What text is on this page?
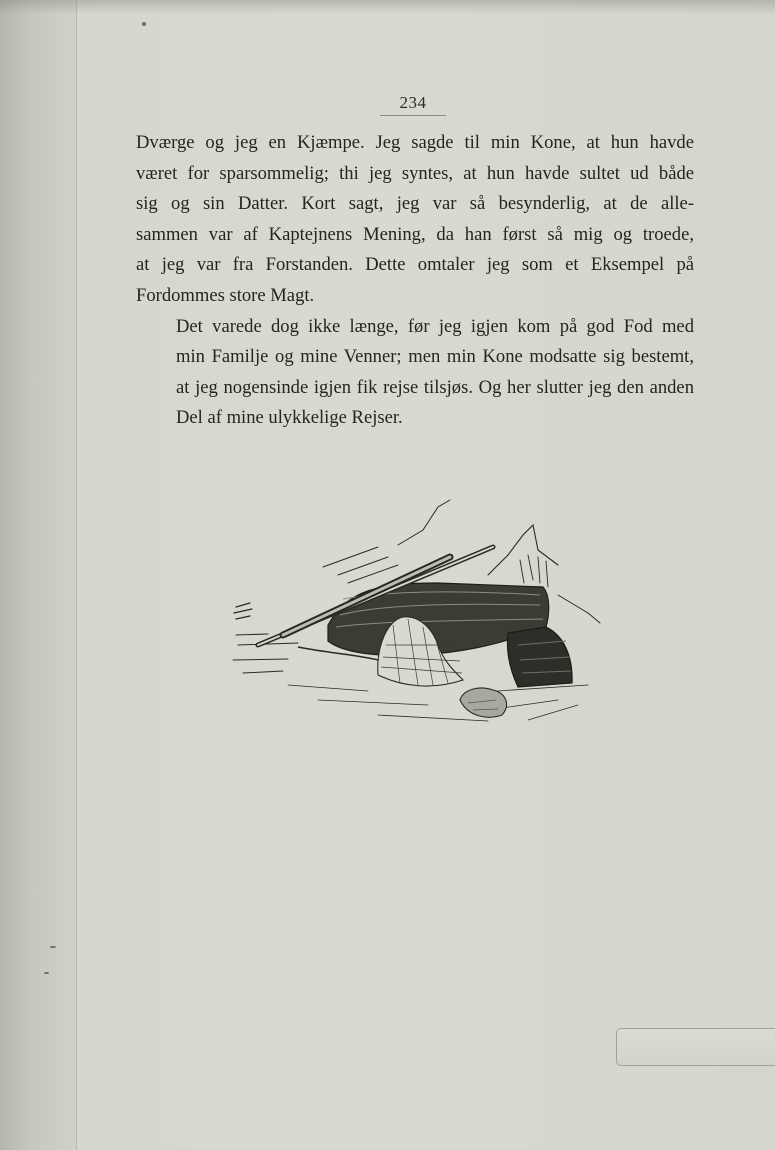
234

Dværge og jeg en Kjæmpe. Jeg sagde til min Kone, at hun havde
været for sparsommelig; thi jeg syntes, at hun havde sultet ud både
sig og sin Datter. Kort sagt, jeg var så besynderlig, at de alle-
sammen var af Kaptejnens Mening, da han først så mig og troede,
at jeg var fra Forstanden. Dette omtaler jeg som et Eksempel på
Fordommes store Magt.

Det varede dog ikke længe, før jeg igjen kom på god Fod med
min Familje og mine Venner; men min Kone modsatte sig bestemt,
at jeg nogensinde igjen fik rejse tilsjøs. Og her slutter jeg den anden
Del af mine ulykkelige Rejser.
